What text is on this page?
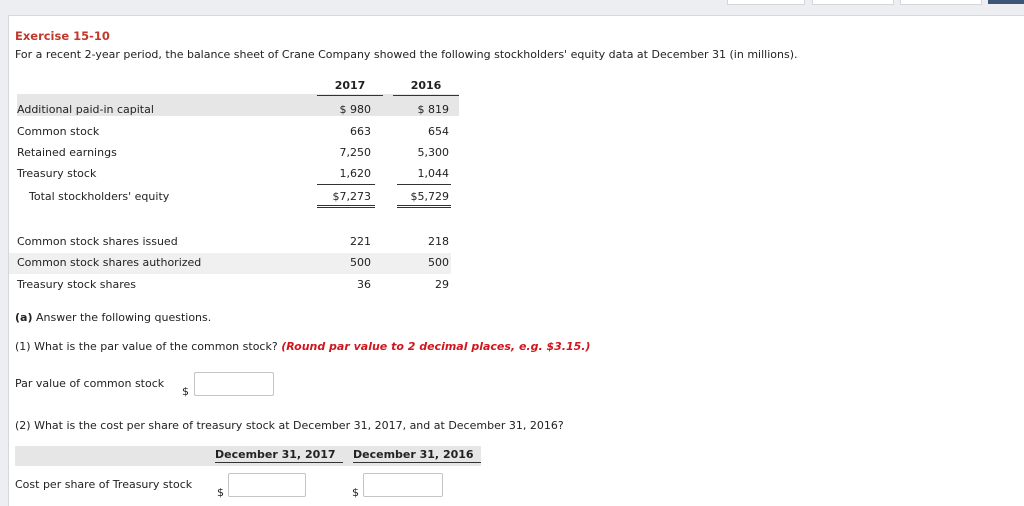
Exercise 15-10
For a recent 2-year period, the balance sheet of Crane Company showed the following stockholders' equity data at December 31 (in millions).
2017	2016
Additional paid-in capital	$ 980	$ 819
Common stock	663	654
Retained earnings	7,250	5,300
Treasury stock	1,620	1,044
Total stockholders' equity	$7,273	$5,729
Common stock shares issued	221	218
Common stock shares authorized	500	500
Treasury stock shares	36	29
(a) Answer the following questions.
(1) What is the par value of the common stock? (Round par value to 2 decimal places, e.g. $3.15.)
Par value of common stock
$
(2) What is the cost per share of treasury stock at December 31, 2017, and at December 31, 2016?
December 31, 2017 December 31, 2016
Cost per share of Treasury stock
$	$
